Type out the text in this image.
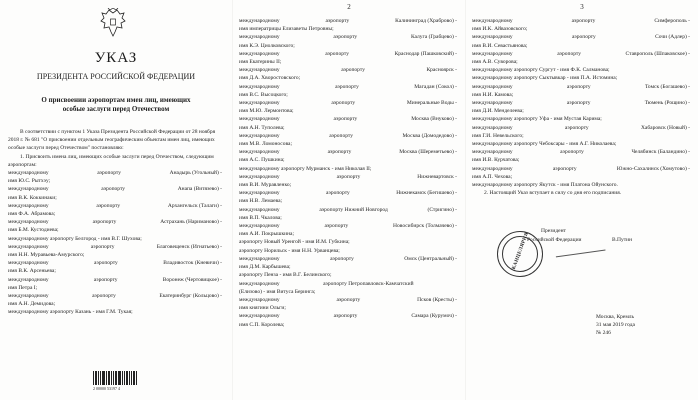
УКАЗ
ПРЕЗИДЕНТА РОССИЙСКОЙ ФЕДЕРАЦИИ
О присвоении аэропортам имен лиц, имеющих особые заслуги перед Отечеством

В соответствии с пунктом 1 Указа Президента Российской Федерации от 28 ноября 2018 г. № 681 "О присвоении отдельным географическим объектам имен лиц, имеющих особые заслуги перед Отечеством" постановляю:

1. Присвоить имена лиц, имеющих особые заслуги перед Отечеством, следующим аэропортам:

международному	аэропорту	Анадырь (Угольный) -
имя Ю.С. Рытхэу;
международному	аэропорту	Анапа (Витязево) -
имя В.К. Коккинаки;
международному	аэропорту	Архангельск (Талаги) -
имя Ф.А. Абрамова;
международному	аэропорту	Астрахань (Нариманово) -
имя Б.М. Кустодиева;
международному аэропорту Белгород - имя В.Г. Шухова;
международному	аэропорту	Благовещенск (Игнатьево) -
имя Н.Н. Муравьева-Амурского;
международному	аэропорту	Владивосток (Кневичи) -
имя В.К. Арсеньева;
международному	аэропорту	Воронеж (Чертовицкое) -
имя Петра I;
международному	аэропорту	Екатеринбург (Кольцово) -
имя А.Н. Демидова;
международному аэропорту Казань - имя Г.М. Тукая;
2 00000 53197 4
2
международному	аэропорту	Калининград (Храброво) -
имя императрицы Елизаветы Петровны;
международному	аэропорту	Калуга (Грабцево) -
имя К.Э. Циолковского;
международному	аэропорту	Краснодар (Пашковский) -
имя Екатерины II;
международному	аэропорту	Красноярск -
имя Д.А. Хворостовского;
международному	аэропорту	Магадан (Сокол) -
имя В.С. Высоцкого;
международному	аэропорту	Минеральные Воды -
имя М.Ю. Лермонтова;
международному	аэропорту	Москва (Внуково) -
имя А.Н. Туполева;
международному	аэропорту	Москва (Домодедово) -
имя М.В. Ломоносова;
международному	аэропорту	Москва (Шереметьево) -
имя А.С. Пушкина;
международному аэропорту Мурманск - имя Николая II;
международному	аэропорту	Нижневартовск -
имя В.И. Муравленко;
международному	аэропорту	Нижнекамск (Бегишево) -
имя Н.В. Лемаева;
международному	аэропорту Нижний Новгород	(Стригино) -
имя В.П. Чкалова;
международному	аэропорту	Новосибирск (Толмачево) -
имя А.И. Покрышкина;
аэропорту Новый Уренгой - имя И.М. Губкина;
аэропорту Норильск - имя Н.Н. Урванцева;
международному	аэропорту	Омск (Центральный) -
имя Д.М. Карбышева;
аэропорту Пенза - имя В.Г. Белинского;
международному	аэропорту Петропавловск-Камчатский
(Елизово) - имя Витуса Беринга;
международному	аэропорту	Псков (Кресты) -
имя княгини Ольги;
международному	аэропорту	Самара (Курумоч) -
имя С.П. Королева;
3
международному	аэропорту	Симферополь -
имя И.К. Айвазовского;
международному	аэропорту	Сочи (Адлер) -
имя В.И. Севастьянова;
международному	аэропорту	Ставрополь (Шпаковское) -
имя А.В. Суворова;
международному аэропорту Сургут - имя Ф.К. Салманова;
международному аэропорту Сыктывкар - имя П.А. Истомина;
международному	аэропорту	Томск (Богашево) -
имя Н.И. Камова;
международному	аэропорту	Тюмень (Рощино) -
имя Д.И. Менделеева;
международному аэропорту Уфа - имя Мустая Карима;
международному	аэропорту	Хабаровск (Новый) -
имя Г.И. Невельского;
международному аэропорту Чебоксары - имя А.Г. Николаева;
международному	аэропорту	Челябинск (Баландино) -
имя И.В. Курчатова;
международному	аэропорту	Южно-Сахалинск (Хомутово) -
имя А.П. Чехова;
международному аэропорту Якутск - имя Платона Ойунского.

2. Настоящий Указ вступает в силу со дня его подписания.

КАНЦЕЛЯРИЯ
Президент
Российской Федерации	В.Путин
Москва, Кремль
31 мая 2019 года
№ 246
